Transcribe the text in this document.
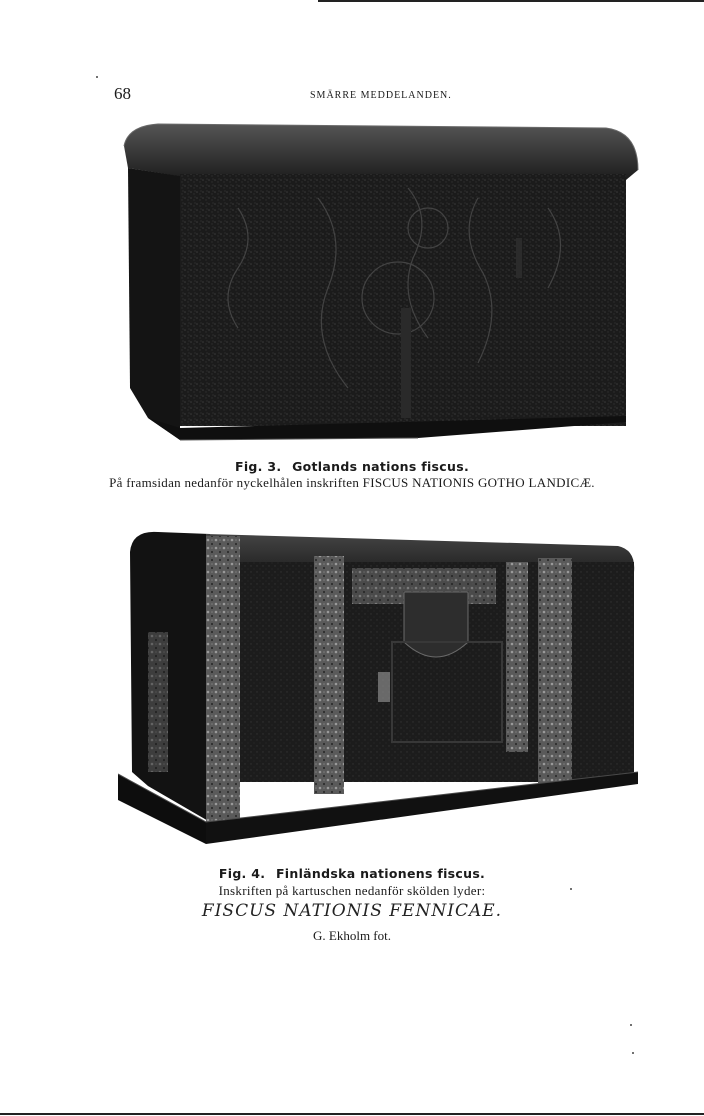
68	SMÄRRE MEDDELANDEN.
Fig. 3. Gotlands nations fiscus.
På framsidan nedanför nyckelhålen inskriften FISCUS NATIONIS GOTHO LANDICÆ.
Fig. 4. Finländska nationens fiscus.
Inskriften på kartuschen nedanför skölden lyder:
FISCUS NATIONIS FENNICAE.
G. Ekholm fot.
